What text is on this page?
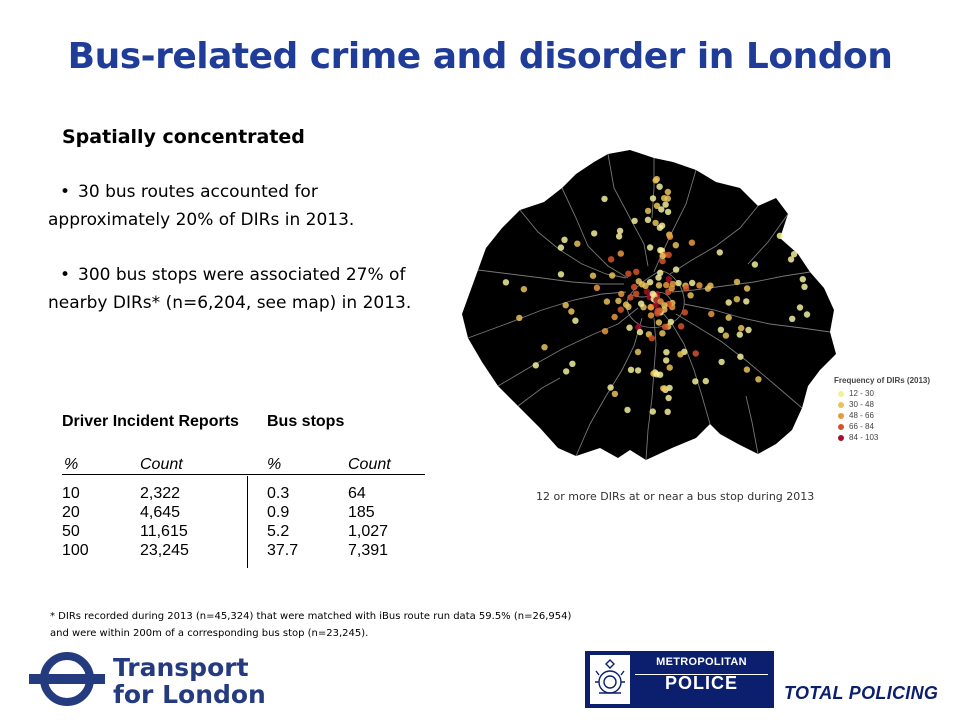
Bus-related crime and disorder in London
Spatially concentrated
• 30 bus routes accounted for approximately 20% of DIRs in 2013.
• 300 bus stops were associated 27% of nearby DIRs* (n=6,204, see map) in 2013.
Driver Incident Reports Bus stops
%	Count	%	Count
10	2,322	0.3	64
20	4,645	0.9	185
50	11,615	5.2	1,027
100	23,245	37.7	7,391
* DIRs recorded during 2013 (n=45,324) that were matched with iBus route run data 59.5% (n=26,954)
and were within 200m of a corresponding bus stop (n=23,245).
Frequency of DIRs (2013)
12 - 30
30 - 48
48 - 66
66 - 84
84 - 103
12 or more DIRs at or near a bus stop during 2013
Transport
for London
METROPOLITAN
POLICE	TOTAL POLICING
